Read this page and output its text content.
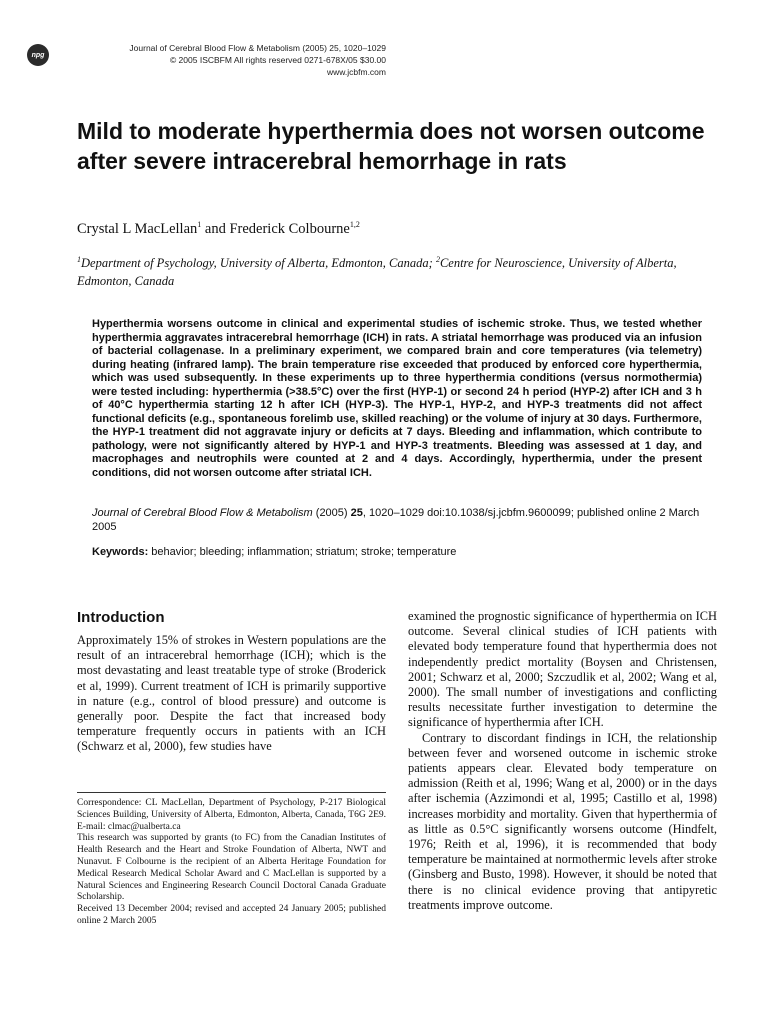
npg
Journal of Cerebral Blood Flow & Metabolism (2005) 25, 1020–1029
© 2005 ISCBFM All rights reserved 0271-678X/05 $30.00
www.jcbfm.com
Mild to moderate hyperthermia does not worsen outcome after severe intracerebral hemorrhage in rats
Crystal L MacLellan$^1$ and Frederick Colbourne$^{1,2}$
$^1$Department of Psychology, University of Alberta, Edmonton, Canada; $^2$Centre for Neuroscience, University of Alberta, Edmonton, Canada

Hyperthermia worsens outcome in clinical and experimental studies of ischemic stroke. Thus, we tested whether hyperthermia aggravates intracerebral hemorrhage (ICH) in rats. A striatal hemorrhage was produced via an infusion of bacterial collagenase. In a preliminary experiment, we compared brain and core temperatures (via telemetry) during heating (infrared lamp). The brain temperature rise exceeded that produced by enforced core hyperthermia, which was used subsequently. In these experiments up to three hyperthermia conditions (versus normothermia) were tested including: hyperthermia (>38.5°C) over the first (HYP-1) or second 24 h period (HYP-2) after ICH and 3 h of 40°C hyperthermia starting 12 h after ICH (HYP-3). The HYP-1, HYP-2, and HYP-3 treatments did not affect functional deficits (e.g., spontaneous forelimb use, skilled reaching) or the volume of injury at 30 days. Furthermore, the HYP-1 treatment did not aggravate injury or deficits at 7 days. Bleeding and inflammation, which contribute to pathology, were not significantly altered by HYP-1 and HYP-3 treatments. Bleeding was assessed at 1 day, and macrophages and neutrophils were counted at 2 and 4 days. Accordingly, hyperthermia, under the present conditions, did not worsen outcome after striatal ICH.

Journal of Cerebral Blood Flow & Metabolism (2005) 25, 1020–1029 doi:10.1038/sj.jcbfm.9600099; published online 2 March 2005
Keywords: behavior; bleeding; inflammation; striatum; stroke; temperature
Introduction

Approximately 15% of strokes in Western populations are the result of an intracerebral hemorrhage (ICH); which is the most devastating and least treatable type of stroke (Broderick et al, 1999). Current treatment of ICH is primarily supportive in nature (e.g., control of blood pressure) and outcome is generally poor. Despite the fact that increased body temperature frequently occurs in patients with an ICH (Schwarz et al, 2000), few studies have

Correspondence: CL MacLellan, Department of Psychology, P-217 Biological Sciences Building, University of Alberta, Edmonton, Alberta, Canada, T6G 2E9. E-mail: clmac@ualberta.ca

This research was supported by grants (to FC) from the Canadian Institutes of Health Research and the Heart and Stroke Foundation of Alberta, NWT and Nunavut. F Colbourne is the recipient of an Alberta Heritage Foundation for Medical Research Medical Scholar Award and C MacLellan is supported by a Natural Sciences and Engineering Research Council Doctoral Canada Graduate Scholarship.

Received 13 December 2004; revised and accepted 24 January 2005; published online 2 March 2005

examined the prognostic significance of hyperthermia on ICH outcome. Several clinical studies of ICH patients with elevated body temperature found that hyperthermia does not independently predict mortality (Boysen and Christensen, 2001; Schwarz et al, 2000; Szczudlik et al, 2002; Wang et al, 2000). The small number of investigations and conflicting results necessitate further investigation to determine the significance of hyperthermia after ICH.

Contrary to discordant findings in ICH, the relationship between fever and worsened outcome in ischemic stroke patients appears clear. Elevated body temperature on admission (Reith et al, 1996; Wang et al, 2000) or in the days after ischemia (Azzimondi et al, 1995; Castillo et al, 1998) increases morbidity and mortality. Given that hyperthermia of as little as 0.5°C significantly worsens outcome (Hindfelt, 1976; Reith et al, 1996), it is recommended that body temperature be maintained at normothermic levels after stroke (Ginsberg and Busto, 1998). However, it should be noted that there is no clinical evidence proving that antipyretic treatments improve outcome.
